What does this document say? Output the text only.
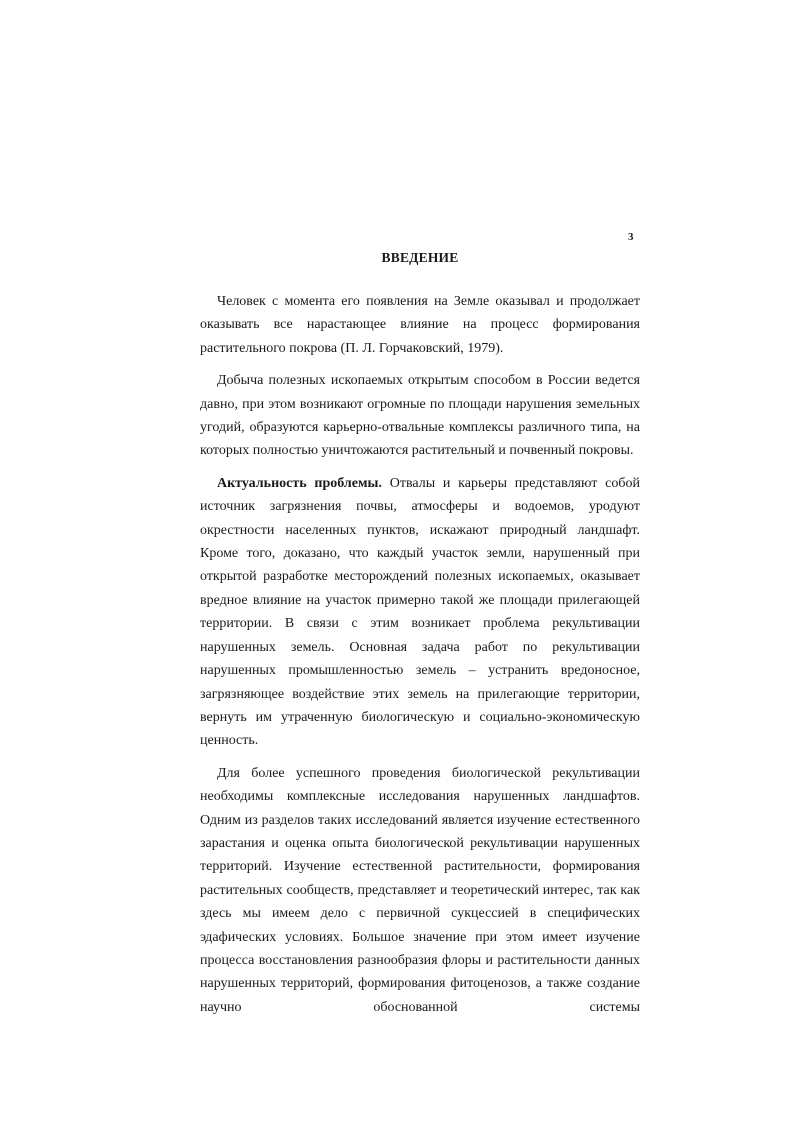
3
ВВЕДЕНИЕ

Человек с момента его появления на Земле оказывал и продолжает оказывать все нарастающее влияние на процесс формирования растительного покрова (П. Л. Горчаковский, 1979).

Добыча полезных ископаемых открытым способом в России ведется давно, при этом возникают огромные по площади нарушения земельных угодий, образуются карьерно-отвальные комплексы различного типа, на которых полностью уничтожаются растительный и почвенный покровы.

Актуальность проблемы. Отвалы и карьеры представляют собой источник загрязнения почвы, атмосферы и водоемов, уродуют окрестности населенных пунктов, искажают природный ландшафт. Кроме того, доказано, что каждый участок земли, нарушенный при открытой разработке месторождений полезных ископаемых, оказывает вредное влияние на участок примерно такой же площади прилегающей территории. В связи с этим возникает проблема рекультивации нарушенных земель. Основная задача работ по рекультивации нарушенных промышленностью земель – устранить вредоносное, загрязняющее воздействие этих земель на прилегающие территории, вернуть им утраченную биологическую и социально-экономическую ценность.

Для более успешного проведения биологической рекультивации необходимы комплексные исследования нарушенных ландшафтов. Одним из разделов таких исследований является изучение естественного зарастания и оценка опыта биологической рекультивации нарушенных территорий. Изучение естественной растительности, формирования растительных сообществ, представляет и теоретический интерес, так как здесь мы имеем дело с первичной сукцессией в специфических эдафических условиях. Большое значение при этом имеет изучение процесса восстановления разнообразия флоры и растительности данных нарушенных территорий, формирования фитоценозов, а также создание научно обоснованной системы
